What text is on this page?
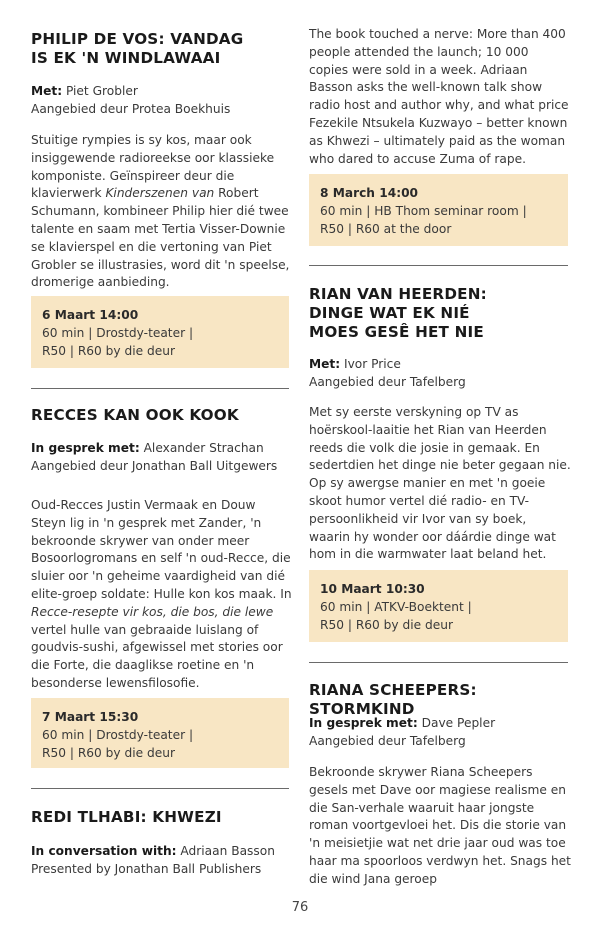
PHILIP DE VOS: VANDAG
IS EK 'N WINDLAWAAI
Met: Piet Grobler
Aangebied deur Protea Boekhuis
Stuitige rympies is sy kos, maar ook insiggewende radioreekse oor klassieke komponiste. Geïnspireer deur die klavierwerk Kinderszenen van Robert Schumann, kombineer Philip hier dié twee talente en saam met Tertia Visser-Downie se klavierspel en die vertoning van Piet Grobler se illustrasies, word dit 'n speelse, dromerige aanbieding.
6 Maart 14:00
60 min | Drostdy-teater |
R50 | R60 by die deur
RECCES KAN OOK KOOK
In gesprek met: Alexander Strachan
Aangebied deur Jonathan Ball Uitgewers
Oud-Recces Justin Vermaak en Douw Steyn lig in 'n gesprek met Zander, 'n bekroonde skrywer van onder meer Bosoorlogromans en self 'n oud-Recce, die sluier oor 'n geheime vaardigheid van dié elite-groep soldate: Hulle kon kos maak. In Recce-resepte vir kos, die bos, die lewe vertel hulle van gebraaide luislang of goudvis-sushi, afgewissel met stories oor die Forte, die daaglikse roetine en 'n besonderse lewensfilosofie.
7 Maart 15:30
60 min | Drostdy-teater |
R50 | R60 by die deur
REDI TLHABI: KHWEZI
In conversation with: Adriaan Basson
Presented by Jonathan Ball Publishers
The book touched a nerve: More than 400 people attended the launch; 10 000 copies were sold in a week. Adriaan Basson asks the well-known talk show radio host and author why, and what price Fezekile Ntsukela Kuzwayo – better known as Khwezi – ultimately paid as the woman who dared to accuse Zuma of rape.
8 March 14:00
60 min | HB Thom seminar room |
R50 | R60 at the door
RIAN VAN HEERDEN:
DINGE WAT EK NIÉ
MOES GESÊ HET NIE
Met: Ivor Price
Aangebied deur Tafelberg
Met sy eerste verskyning op TV as hoërskool-laaitie het Rian van Heerden reeds die volk die josie in gemaak. En sedertdien het dinge nie beter gegaan nie. Op sy awergse manier en met 'n goeie skoot humor vertel dié radio- en TV-persoonlikheid vir Ivor van sy boek, waarin hy wonder oor dáárdie dinge wat hom in die warmwater laat beland het.
10 Maart 10:30
60 min | ATKV-Boektent |
R50 | R60 by die deur
RIANA SCHEEPERS: STORMKIND
In gesprek met: Dave Pepler
Aangebied deur Tafelberg
Bekroonde skrywer Riana Scheepers gesels met Dave oor magiese realisme en die San-verhale waaruit haar jongste roman voortgevloei het. Dis die storie van 'n meisietjie wat net drie jaar oud was toe haar ma spoorloos verdwyn het. Snags het die wind Jana geroep
76
